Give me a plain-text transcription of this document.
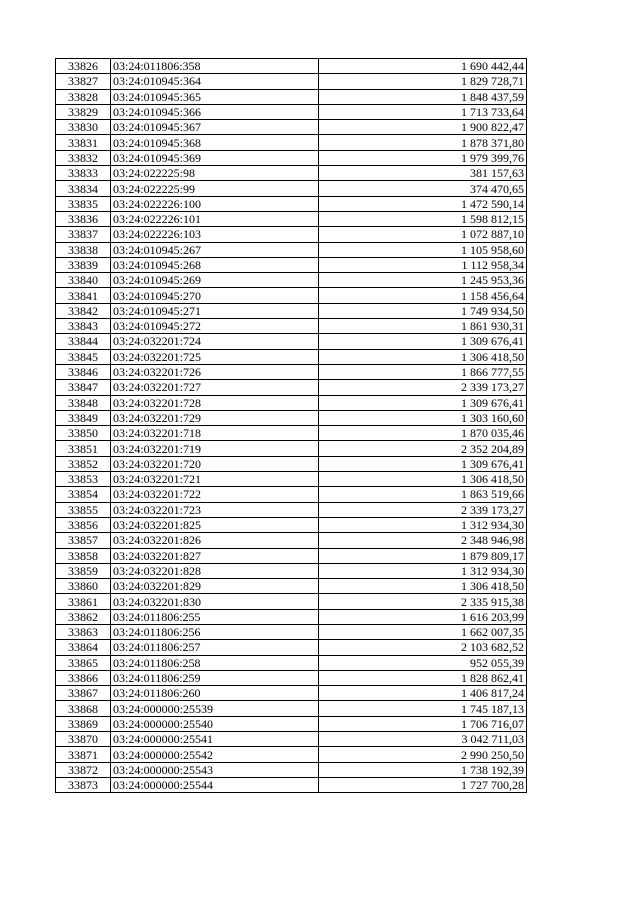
33826	03:24:011806:358	1 690 442,44
33827	03:24:010945:364	1 829 728,71
33828	03:24:010945:365	1 848 437,59
33829	03:24:010945:366	1 713 733,64
33830	03:24:010945:367	1 900 822,47
33831	03:24:010945:368	1 878 371,80
33832	03:24:010945:369	1 979 399,76
33833	03:24:022225:98	381 157,63
33834	03:24:022225:99	374 470,65
33835	03:24:022226:100	1 472 590,14
33836	03:24:022226:101	1 598 812,15
33837	03:24:022226:103	1 072 887,10
33838	03:24:010945:267	1 105 958,60
33839	03:24:010945:268	1 112 958,34
33840	03:24:010945:269	1 245 953,36
33841	03:24:010945:270	1 158 456,64
33842	03:24:010945:271	1 749 934,50
33843	03:24:010945:272	1 861 930,31
33844	03:24:032201:724	1 309 676,41
33845	03:24:032201:725	1 306 418,50
33846	03:24:032201:726	1 866 777,55
33847	03:24:032201:727	2 339 173,27
33848	03:24:032201:728	1 309 676,41
33849	03:24:032201:729	1 303 160,60
33850	03:24:032201:718	1 870 035,46
33851	03:24:032201:719	2 352 204,89
33852	03:24:032201:720	1 309 676,41
33853	03:24:032201:721	1 306 418,50
33854	03:24:032201:722	1 863 519,66
33855	03:24:032201:723	2 339 173,27
33856	03:24:032201:825	1 312 934,30
33857	03:24:032201:826	2 348 946,98
33858	03:24:032201:827	1 879 809,17
33859	03:24:032201:828	1 312 934,30
33860	03:24:032201:829	1 306 418,50
33861	03:24:032201:830	2 335 915,38
33862	03:24:011806:255	1 616 203,99
33863	03:24:011806:256	1 662 007,35
33864	03:24:011806:257	2 103 682,52
33865	03:24:011806:258	952 055,39
33866	03:24:011806:259	1 828 862,41
33867	03:24:011806:260	1 406 817,24
33868	03:24:000000:25539	1 745 187,13
33869	03:24:000000:25540	1 706 716,07
33870	03:24:000000:25541	3 042 711,03
33871	03:24:000000:25542	2 990 250,50
33872	03:24:000000:25543	1 738 192,39
33873	03:24:000000:25544	1 727 700,28
